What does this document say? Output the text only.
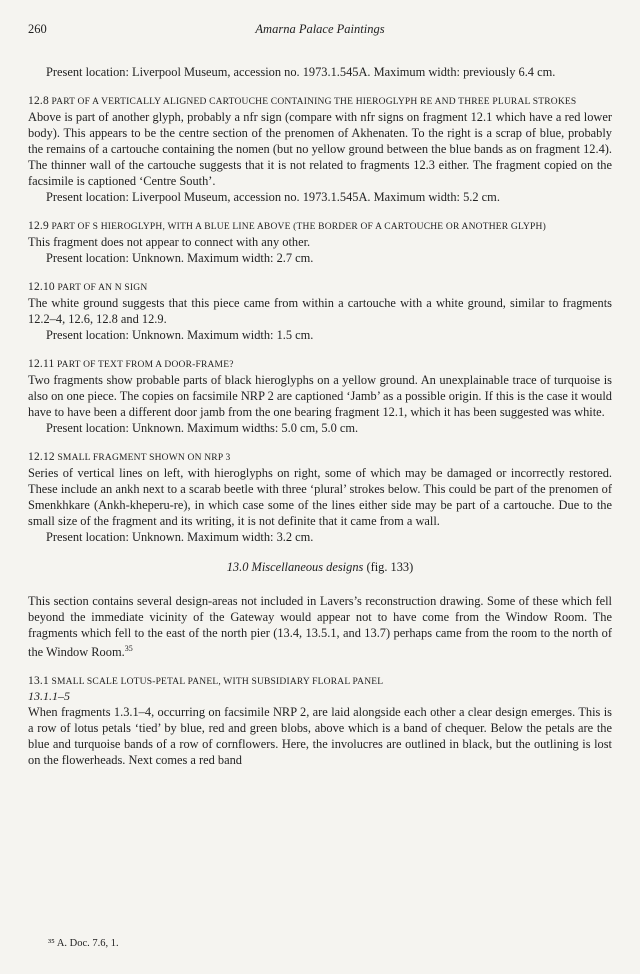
260	Amarna Palace Paintings

Present location: Liverpool Museum, accession no. 1973.1.545A. Maximum width: previously 6.4 cm.

12.8 PART OF A VERTICALLY ALIGNED CARTOUCHE CONTAINING THE HIEROGLYPH RE AND THREE PLURAL STROKES

Above is part of another glyph, probably a nfr sign (compare with nfr signs on fragment 12.1 which have a red lower body). This appears to be the centre section of the prenomen of Akhenaten. To the right is a scrap of blue, probably the remains of a cartouche containing the nomen (but no yellow ground between the blue bands as on fragment 12.4). The thinner wall of the cartouche suggests that it is not related to fragments 12.3 either. The fragment copied on the facsimile is captioned ‘Centre South’.

Present location: Liverpool Museum, accession no. 1973.1.545A. Maximum width: 5.2 cm.

12.9 PART OF S HIEROGLYPH, WITH A BLUE LINE ABOVE (THE BORDER OF A CARTOUCHE OR ANOTHER GLYPH)

This fragment does not appear to connect with any other.

Present location: Unknown. Maximum width: 2.7 cm.

12.10 PART OF AN N SIGN

The white ground suggests that this piece came from within a cartouche with a white ground, similar to fragments 12.2–4, 12.6, 12.8 and 12.9.

Present location: Unknown. Maximum width: 1.5 cm.

12.11 PART OF TEXT FROM A DOOR-FRAME?

Two fragments show probable parts of black hieroglyphs on a yellow ground. An unexplainable trace of turquoise is also on one piece. The copies on facsimile NRP 2 are captioned ‘Jamb’ as a possible origin. If this is the case it would have to have been a different door jamb from the one bearing fragment 12.1, which it has been suggested was white.

Present location: Unknown. Maximum widths: 5.0 cm, 5.0 cm.

12.12 SMALL FRAGMENT SHOWN ON NRP 3

Series of vertical lines on left, with hieroglyphs on right, some of which may be damaged or incorrectly restored. These include an ankh next to a scarab beetle with three ‘plural’ strokes below. This could be part of the prenomen of Smenkhkare (Ankh-kheperu-re), in which case some of the lines either side may be part of a cartouche. Due to the small size of the fragment and its writing, it is not definite that it came from a wall.

Present location: Unknown. Maximum width: 3.2 cm.

13.0 Miscellaneous designs (fig. 133)

This section contains several design-areas not included in Lavers’s reconstruction drawing. Some of these which fell beyond the immediate vicinity of the Gateway would appear not to have come from the Window Room. The fragments which fell to the east of the north pier (13.4, 13.5.1, and 13.7) perhaps came from the room to the north of the Window Room.$^{35}$

13.1 SMALL SCALE LOTUS-PETAL PANEL, WITH SUBSIDIARY FLORAL PANEL
13.1.1–5

When fragments 1.3.1–4, occurring on facsimile NRP 2, are laid alongside each other a clear design emerges. This is a row of lotus petals ‘tied’ by blue, red and green blobs, above which is a band of chequer. Below the petals are the blue and turquoise bands of a row of cornflowers. Here, the involucres are outlined in black, but the outlining is lost on the flowerheads. Next comes a red band

³⁵ A. Doc. 7.6, 1.
